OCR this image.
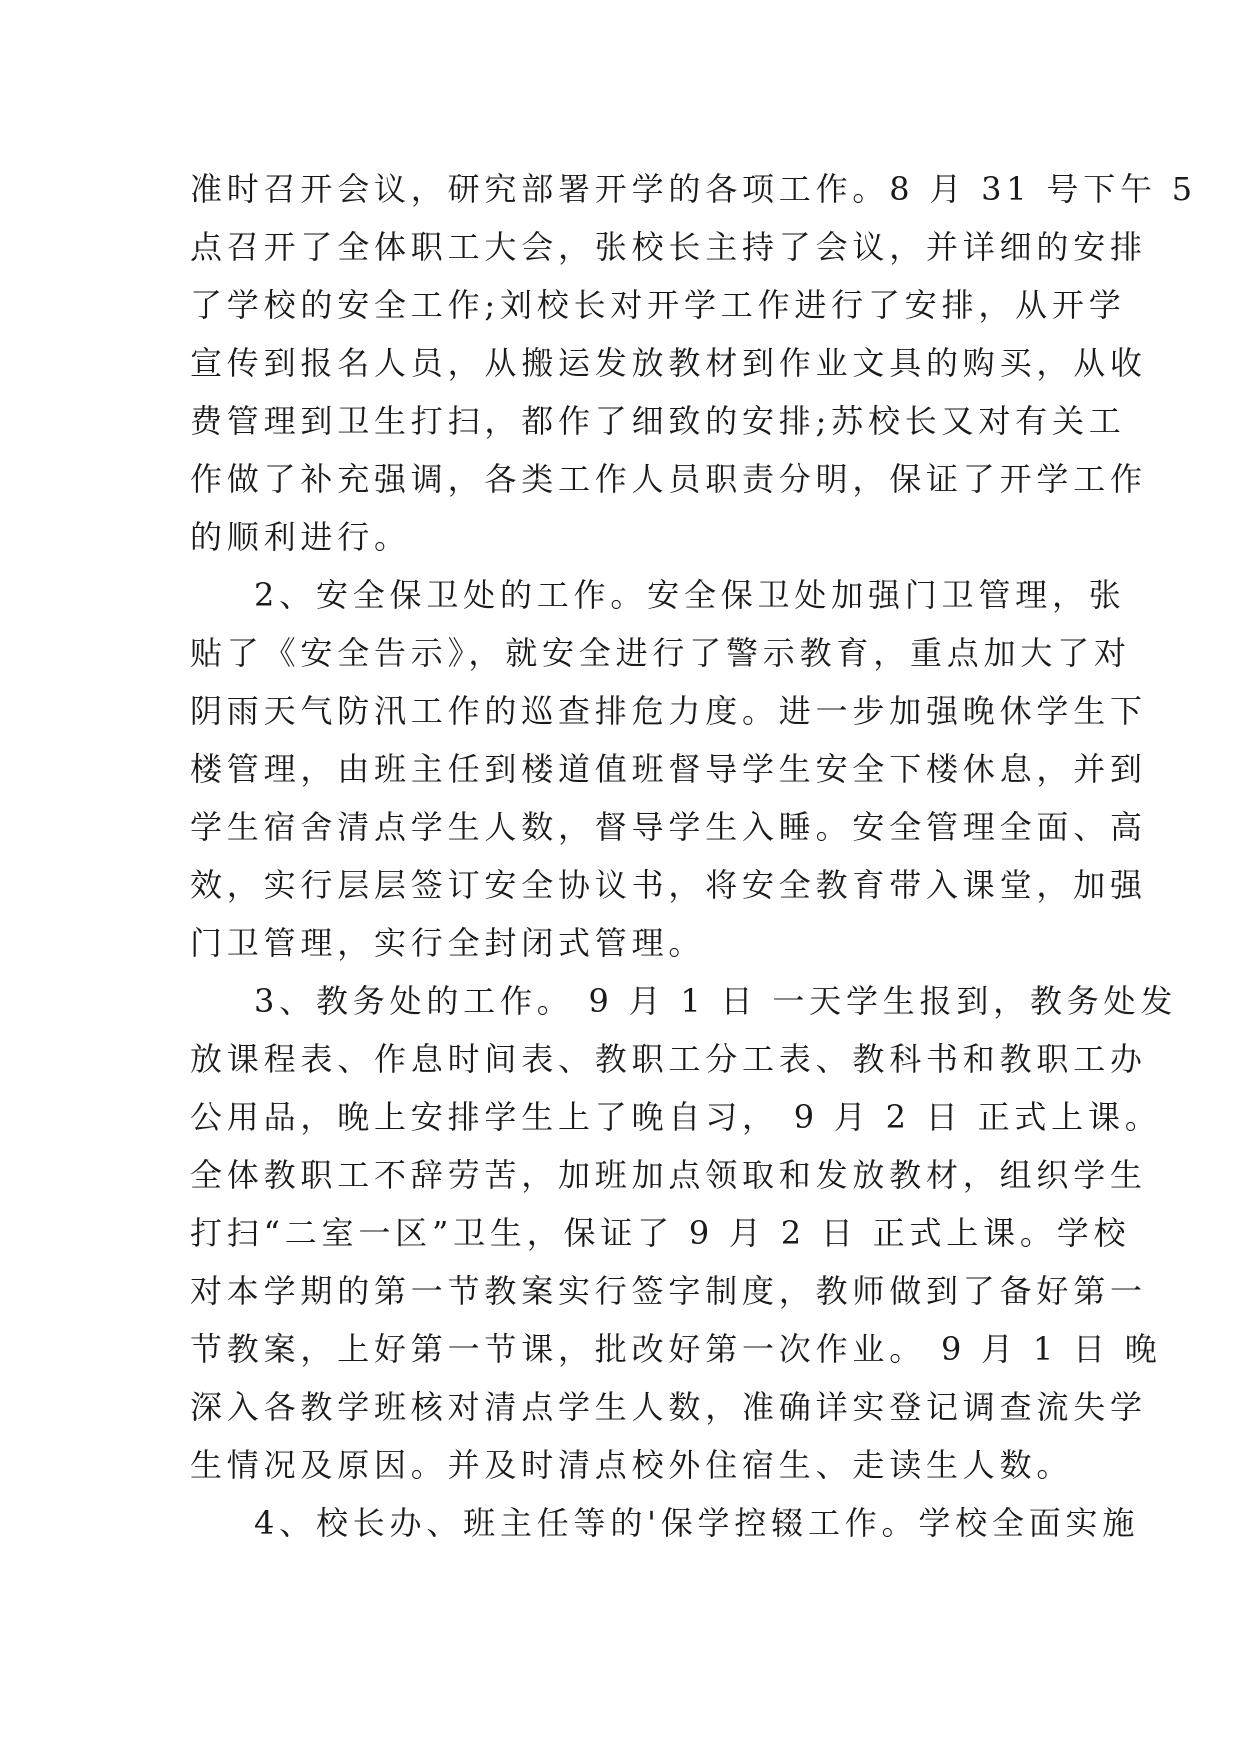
准时召开会议，研究部署开学的各项工作。8 月 31 号下午 5
点召开了全体职工大会，张校长主持了会议，并详细的安排
了学校的安全工作;刘校长对开学工作进行了安排，从开学
宣传到报名人员，从搬运发放教材到作业文具的购买，从收
费管理到卫生打扫，都作了细致的安排;苏校长又对有关工
作做了补充强调，各类工作人员职责分明，保证了开学工作
的顺利进行。
2、安全保卫处的工作。安全保卫处加强门卫管理，张
贴了《安全告示》，就安全进行了警示教育，重点加大了对
阴雨天气防汛工作的巡查排危力度。进一步加强晚休学生下
楼管理，由班主任到楼道值班督导学生安全下楼休息，并到
学生宿舍清点学生人数，督导学生入睡。安全管理全面、高
效，实行层层签订安全协议书，将安全教育带入课堂，加强
门卫管理，实行全封闭式管理。
3、教务处的工作。 9 月 1 日 一天学生报到，教务处发
放课程表、作息时间表、教职工分工表、教科书和教职工办
公用品，晚上安排学生上了晚自习， 9 月 2 日 正式上课。
全体教职工不辞劳苦，加班加点领取和发放教材，组织学生
打扫“二室一区”卫生，保证了 9 月 2 日 正式上课。学校
对本学期的第一节教案实行签字制度，教师做到了备好第一
节教案，上好第一节课，批改好第一次作业。 9 月 1 日 晚
深入各教学班核对清点学生人数，准确详实登记调查流失学
生情况及原因。并及时清点校外住宿生、走读生人数。
4、校长办、班主任等的'保学控辍工作。学校全面实施
